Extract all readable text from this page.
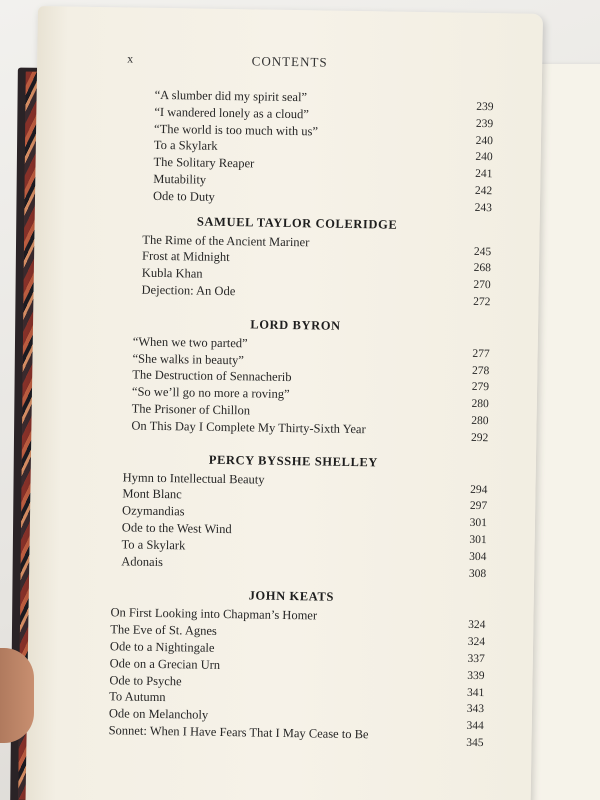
x	CONTENTS
“A slumber did my spirit seal”
239
“I wandered lonely as a cloud”
239
“The world is too much with us”
240
To a Skylark
240
The Solitary Reaper
241
Mutability
242
Ode to Duty
243
SAMUEL TAYLOR COLERIDGE
The Rime of the Ancient Mariner
245
Frost at Midnight
268
Kubla Khan
270
Dejection: An Ode
272
LORD BYRON
“When we two parted”
277
“She walks in beauty”
278
The Destruction of Sennacherib
279
“So we’ll go no more a roving”
280
The Prisoner of Chillon
280
On This Day I Complete My Thirty-Sixth Year
292
PERCY BYSSHE SHELLEY
Hymn to Intellectual Beauty
294
Mont Blanc
297
Ozymandias
301
Ode to the West Wind
301
To a Skylark
304
Adonais
308
JOHN KEATS
On First Looking into Chapman’s Homer
324
The Eve of St. Agnes
324
Ode to a Nightingale
337
Ode on a Grecian Urn
339
Ode to Psyche
341
To Autumn
343
Ode on Melancholy
344
Sonnet: When I Have Fears That I May Cease to Be
345
